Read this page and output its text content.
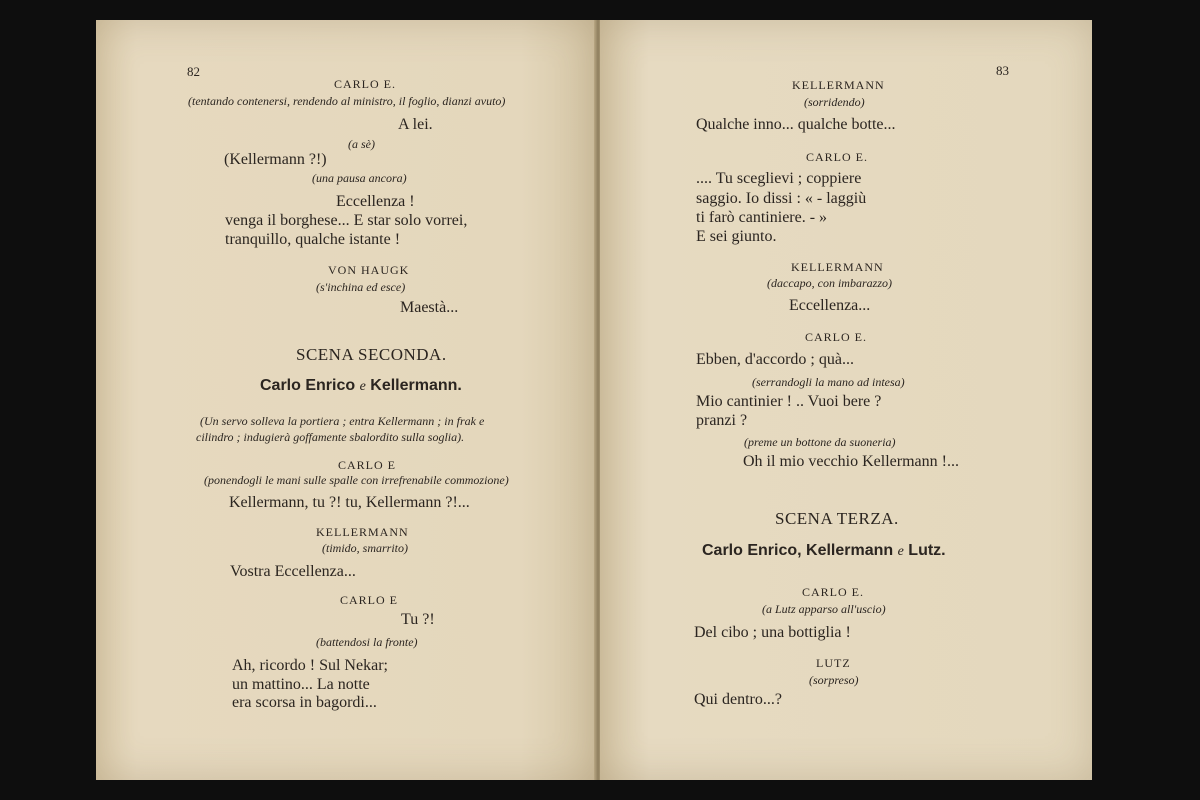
82
CARLO E.
(tentando contenersi, rendendo al ministro, il foglio, dianzi avuto)
A lei.
(a sè)
(Kellermann ?!)
(una pausa ancora)
Eccellenza !
venga il borghese... E star solo vorrei,
tranquillo, qualche istante !
VON HAUGK
(s'inchina ed esce)
Maestà...
SCENA SECONDA.
Carlo Enrico e Kellermann.
(Un servo solleva la portiera ; entra Kellermann ; in frak e
cilindro ; indugierà goffamente sbalordito sulla soglia).
CARLO E
(ponendogli le mani sulle spalle con irrefrenabile commozione)
Kellermann, tu ?! tu, Kellermann ?!...
KELLERMANN
(timido, smarrito)
Vostra Eccellenza...
CARLO E
Tu ?!
(battendosi la fronte)
Ah, ricordo ! Sul Nekar;
un mattino... La notte
era scorsa in bagordi...
83
KELLERMANN
(sorridendo)
Qualche inno... qualche botte...
CARLO E.
.... Tu sceglievi ; coppiere
saggio. Io dissi : « - laggiù
ti farò cantiniere. - »
E sei giunto.
KELLERMANN
(daccapo, con imbarazzo)
Eccellenza...
CARLO E.
Ebben, d'accordo ; quà...
(serrandogli la mano ad intesa)
Mio cantinier ! .. Vuoi bere ?
pranzi ?
(preme un bottone da suoneria)
Oh il mio vecchio Kellermann !...
SCENA TERZA.
Carlo Enrico, Kellermann e Lutz.
CARLO E.
(a Lutz apparso all'uscio)
Del cibo ; una bottiglia !
LUTZ
(sorpreso)
Qui dentro...?
